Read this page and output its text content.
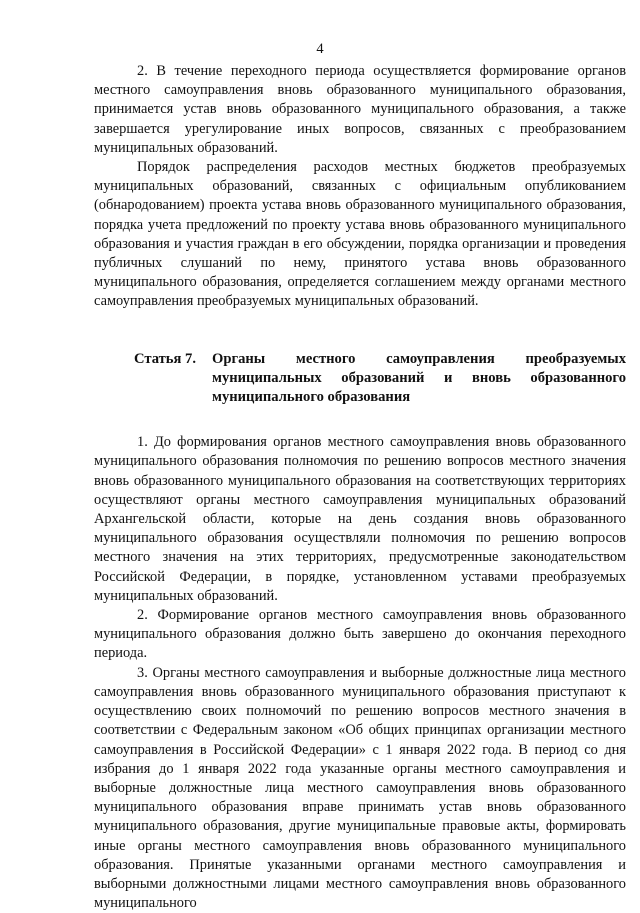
4

2. В течение переходного периода осуществляется формирование органов местного самоуправления вновь образованного муниципального образования, принимается устав вновь образованного муниципального образования, а также завершается урегулирование иных вопросов, связанных с преобразованием муниципальных образований.

Порядок распределения расходов местных бюджетов преобразуемых муниципальных образований, связанных с официальным опубликованием (обнародованием) проекта устава вновь образованного муниципального образования, порядка учета предложений по проекту устава вновь образованного муниципального образования и участия граждан в его обсуждении, порядка организации и проведения публичных слушаний по нему, принятого устава вновь образованного муниципального образования, определяется соглашением между органами местного самоуправления преобразуемых муниципальных образований.

Статья 7.	Органы местного самоуправления преобразуемых муниципальных образований и вновь образованного муниципального образования

1. До формирования органов местного самоуправления вновь образованного муниципального образования полномочия по решению вопросов местного значения вновь образованного муниципального образования на соответствующих территориях осуществляют органы местного самоуправления муниципальных образований Архангельской области, которые на день создания вновь образованного муниципального образования осуществляли полномочия по решению вопросов местного значения на этих территориях, предусмотренные законодательством Российской Федерации, в порядке, установленном уставами преобразуемых муниципальных образований.

2. Формирование органов местного самоуправления вновь образованного муниципального образования должно быть завершено до окончания переходного периода.

3. Органы местного самоуправления и выборные должностные лица местного самоуправления вновь образованного муниципального образования приступают к осуществлению своих полномочий по решению вопросов местного значения в соответствии с Федеральным законом «Об общих принципах организации местного самоуправления в Российской Федерации» с 1 января 2022 года. В период со дня избрания до 1 января 2022 года указанные органы местного самоуправления и выборные должностные лица местного самоуправления вновь образованного муниципального образования вправе принимать устав вновь образованного муниципального образования, другие муниципальные правовые акты, формировать иные органы местного самоуправления вновь образованного муниципального образования. Принятые указанными органами местного самоуправления и выборными должностными лицами местного самоуправления вновь образованного муниципального
